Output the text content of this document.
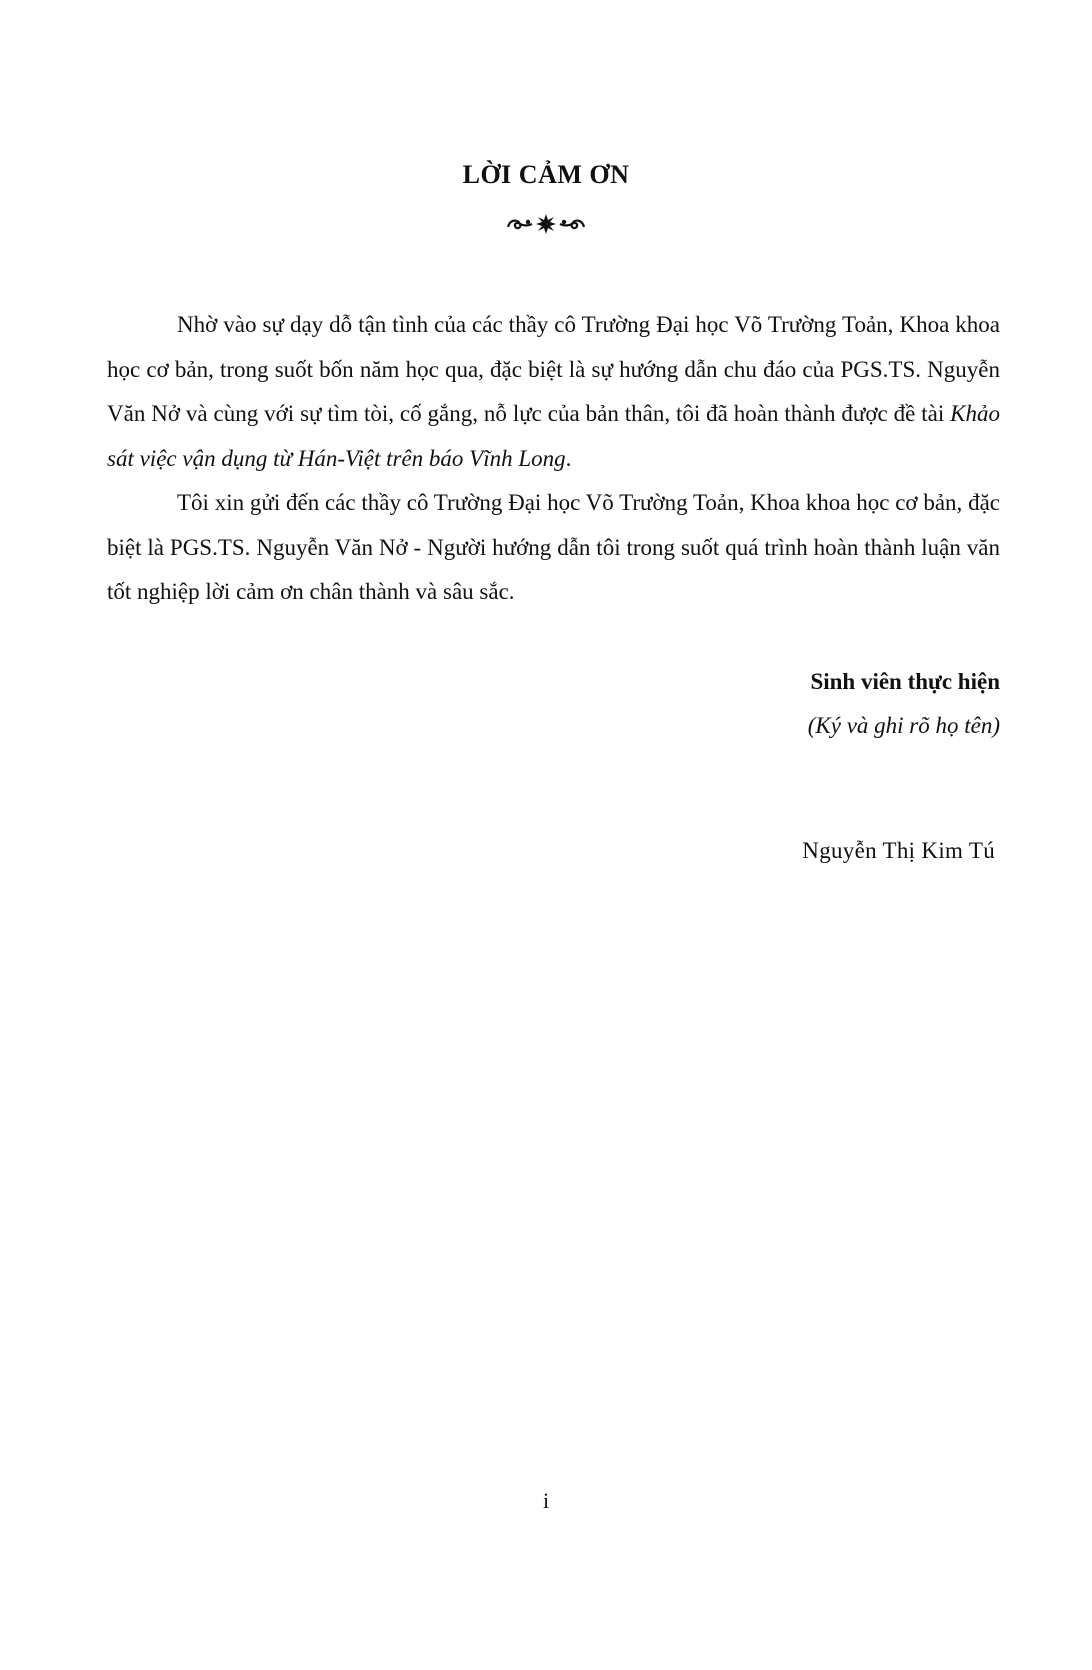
LỜI CẢM ƠN

Nhờ vào sự dạy dỗ tận tình của các thầy cô Trường Đại học Võ Trường Toản, Khoa khoa học cơ bản, trong suốt bốn năm học qua, đặc biệt là sự hướng dẫn chu đáo của PGS.TS. Nguyễn Văn Nở và cùng với sự tìm tòi, cố gắng, nỗ lực của bản thân, tôi đã hoàn thành được đề tài Khảo sát việc vận dụng từ Hán-Việt trên báo Vĩnh Long.

Tôi xin gửi đến các thầy cô Trường Đại học Võ Trường Toản, Khoa khoa học cơ bản, đặc biệt là PGS.TS. Nguyễn Văn Nở - Người hướng dẫn tôi trong suốt quá trình hoàn thành luận văn tốt nghiệp lời cảm ơn chân thành và sâu sắc.

Sinh viên thực hiện
(Ký và ghi rõ họ tên)
Nguyễn Thị Kim Tú
i
